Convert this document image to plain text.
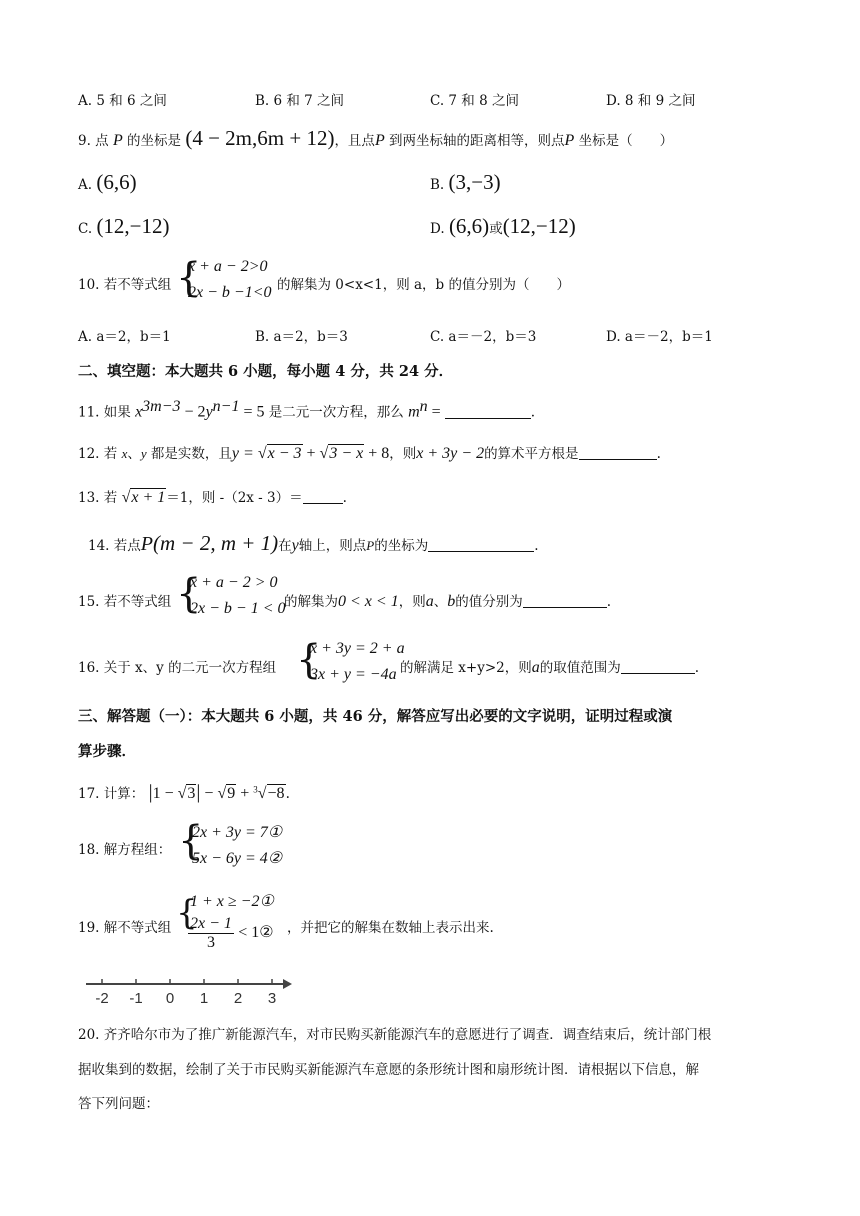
A. 5 和 6 之间	B. 6 和 7 之间	C. 7 和 8 之间	D. 8 和 9 之间
9. 点 P 的坐标是 (4 − 2m,6m + 12)，且点P 到两坐标轴的距离相等，则点P 坐标是（　　）
A. (6,6)	B. (3,−3)
C. (12,−12)	D. (6,6)或(12,−12)
10. 若不等式组 {
x + a − 2>0
2x − b −1<0 的解集为 0<x<1，则 a，b 的值分别为（　　）
A. a＝2，b＝1	B. a＝2，b＝3	C. a＝－2，b＝3	D. a＝－2，b＝1
二、填空题：本大题共 6 小题，每小题 4 分，共 24 分．
11. 如果 $x^{3m-3} - 2y^{n-1} = 5$ 是二元一次方程，那么 $m^n$ =	.
12. 若 x、y 都是实数，且y = √x − 3 + √3 − x + 8，则x + 3y − 2的算术平方根是	.
13. 若 √x + 1＝1，则 -（2x - 3）＝	.
14. 若点P(m − 2, m + 1)在y轴上，则点P的坐标为	.
15. 若不等式组 {
x + a − 2 > 0
2x − b − 1 < 0
的解集为0 < x < 1，则a、b的值分别为	.
16. 关于 x、y 的二元一次方程组 {
x + 3y = 2 + a
3x + y = −4a 的解满足 x+y>2，则a的取值范围为	.
三、解答题（一）：本大题共 6 小题，共 46 分，解答应写出必要的文字说明，证明过程或演
算步骤．
17. 计算： |1 − √3| − √9 + $^3$√−8.
18. 解方程组： {
2x + 3y = 7①
5x − 6y = 4②
1 + x ≥ −2①
19. 解不等式组 {
$\frac{2x - 1}{3}$ < 1② ，并把它的解集在数轴上表示出来.
-2 -1 0 1 2 3
20. 齐齐哈尔市为了推广新能源汽车，对市民购买新能源汽车的意愿进行了调查．调查结束后，统计部门根
据收集到的数据，绘制了关于市民购买新能源汽车意愿的条形统计图和扇形统计图．请根据以下信息，解
答下列问题：
